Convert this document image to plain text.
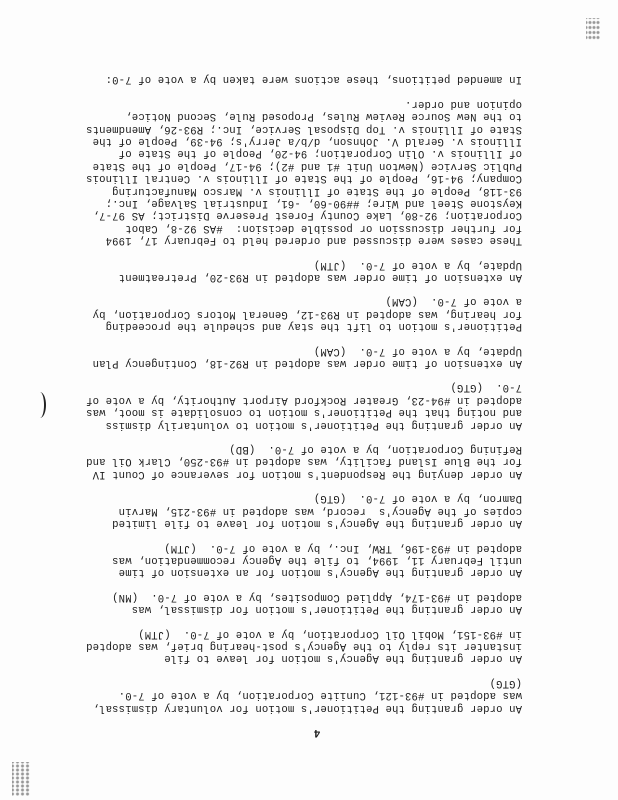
4
An order granting the Petitioner's motion for voluntary dismissal,
was adopted in #93-121, Cuniite Corporation, by a vote of 7-0.
(GTG)
An order granting the Agency's motion for leave to file
instanter its reply to the Agency's post-hearing brief, was adopted
in #93-151, Mobil Oil Corporation, by a vote of 7-0.  (JTM)
An order granting the Petitioner's motion for dismissal, was
adopted in #93-174, Applied Composites, by a vote of 7-0.  (MN)
An order granting the Agency's motion for an extension of time
until February 11, 1994, to file the Agency recommendation, was
adopted in #93-196, TRW, Inc., by a vote of 7-0.  (JTM)
An order granting the Agency's motion for leave to file limited
copies of the Agency's  record, was adopted in #93-215, Marvin
Damron, by a vote of 7-0.  (GTG)
An order denying the Respondent's motion for severance of Count IV
for the Blue Island facility, was adopted in #93-250, Clark Oil and
Refining Corporation, by a vote of 7-0.  (BD)
An order granting the Petitioner's motion to voluntarily dismiss
and noting that the Petitioner's motion to consolidate is moot, was
adopted in #94-23, Greater Rockford Airport Authority, by a vote of
7-0.  (GTG)
An extension of time order was adopted in R92-18, Contingency Plan
Update, by a vote of 7-0.  (CAM)
Petitioner's motion to lift the stay and schedule the proceeding
for hearing, was adopted in R93-12, General Motors Corporation, by
a vote of 7-0.  (CAM)
An extension of time order was adopted in R93-20, Pretreatment
Update, by a vote of 7-0.  (JTM)
These cases were discussed and ordered held to February 17, 1994
for further discussion or possible decision:  #AS 92-8, Cabot
Corporation; 92-80, Lake County Forest Preserve District; AS 97-7,
Keystone Steel and Wire; ##90-60, -61, Industrial Salvage, Inc.;
93-118, People of the State of Illinois v. Marsco Manufacturing
Company; 94-16, People of the State of Illinois v. Central Illinois
Public Service (Newton Unit #1 and #2); 94-17, People of the State
of Illinois v. Olin Corporation; 94-20, People of the State of
Illinois v. Gerald V. Johnson, d/b/a Jerry's; 94-39, People of the
State of Illinois v. Top Disposal Service, Inc.; R93-26, Amendments
to the New Source Review Rules, Proposed Rule, Second Notice,
opinion and order.
In amended petitions, these actions were taken by a vote of 7-0:
